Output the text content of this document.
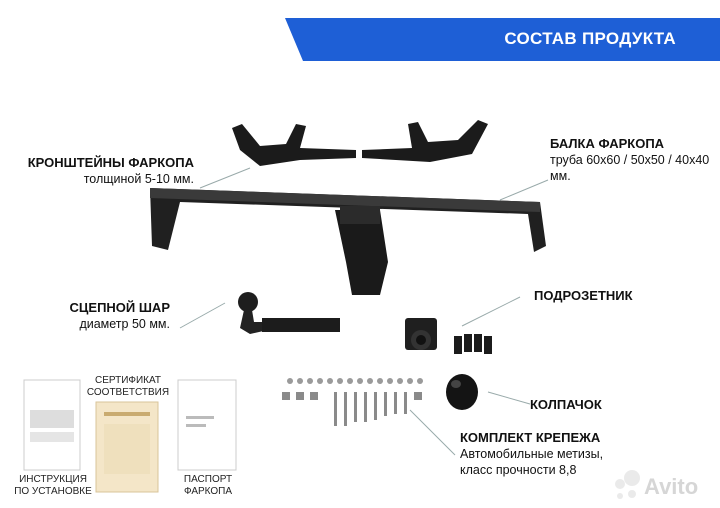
СОСТАВ ПРОДУКТА
КРОНШТЕЙНЫ ФАРКОПА
толщиной 5-10 мм.
БАЛКА ФАРКОПА
труба 60х60 / 50х50 / 40х40 мм.
СЦЕПНОЙ ШАР
диаметр 50 мм.
ПОДРОЗЕТНИК
КОЛПАЧОК
КОМПЛЕКТ КРЕПЕЖА
Автомобильные метизы,
класс прочности 8,8
ИНСТРУКЦИЯ
ПО УСТАНОВКЕ
СЕРТИФИКАТ
СООТВЕТСТВИЯ
ПАСПОРТ
ФАРКОПА	Avito
